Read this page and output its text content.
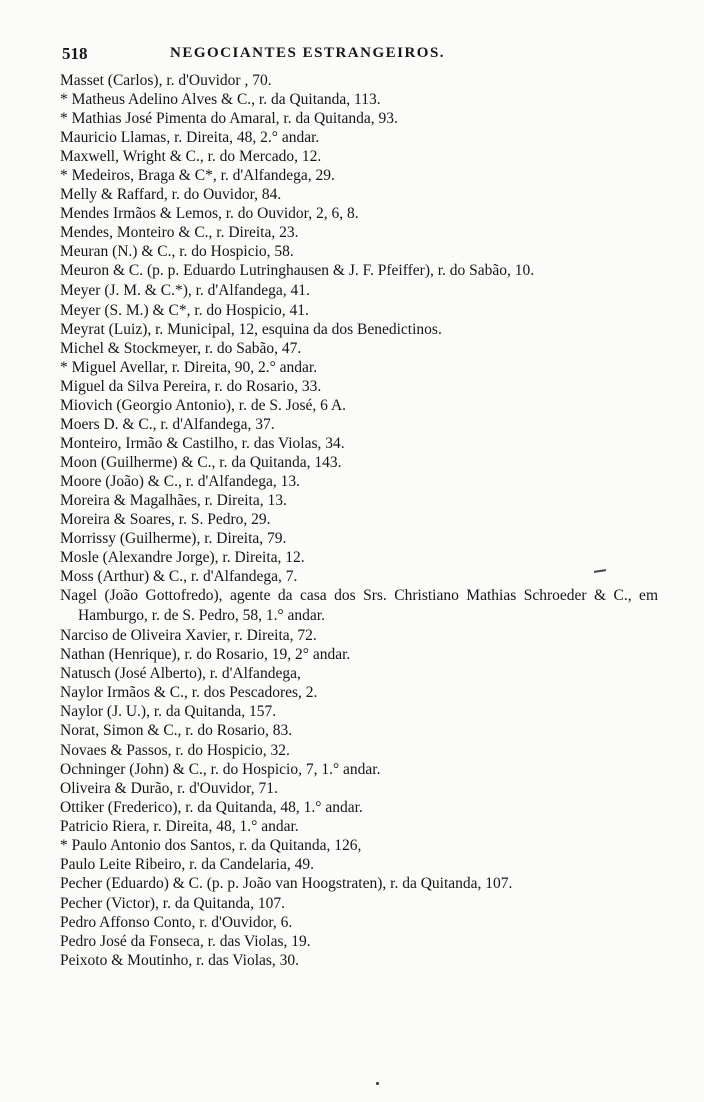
518	NEGOCIANTES ESTRANGEIROS.
Masset (Carlos), r. d'Ouvidor , 70.
* Matheus Adelino Alves & C., r. da Quitanda, 113.
* Mathias José Pimenta do Amaral, r. da Quitanda, 93.
Mauricio Llamas, r. Direita, 48, 2.° andar.
Maxwell, Wright & C., r. do Mercado, 12.
* Medeiros, Braga & C*, r. d'Alfandega, 29.
Melly & Raffard, r. do Ouvidor, 84.
Mendes Irmãos & Lemos, r. do Ouvidor, 2, 6, 8.
Mendes, Monteiro & C., r. Direita, 23.
Meuran (N.) & C., r. do Hospicio, 58.
Meuron & C. (p. p. Eduardo Lutringhausen & J. F. Pfeiffer), r. do Sabão, 10.
Meyer (J. M. & C.*), r. d'Alfandega, 41.
Meyer (S. M.) & C*, r. do Hospicio, 41.
Meyrat (Luiz), r. Municipal, 12, esquina da dos Benedictinos.
Michel & Stockmeyer, r. do Sabão, 47.
* Miguel Avellar, r. Direita, 90, 2.° andar.
Miguel da Silva Pereira, r. do Rosario, 33.
Miovich (Georgio Antonio), r. de S. José, 6 A.
Moers D. & C., r. d'Alfandega, 37.
Monteiro, Irmão & Castilho, r. das Violas, 34.
Moon (Guilherme) & C., r. da Quitanda, 143.
Moore (João) & C., r. d'Alfandega, 13.
Moreira & Magalhães, r. Direita, 13.
Moreira & Soares, r. S. Pedro, 29.
Morrissy (Guilherme), r. Direita, 79.
Mosle (Alexandre Jorge), r. Direita, 12.
Moss (Arthur) & C., r. d'Alfandega, 7.
Nagel (João Gottofredo), agente da casa dos Srs. Christiano Mathias Schroeder & C., em Hamburgo, r. de S. Pedro, 58, 1.° andar.
Narciso de Oliveira Xavier, r. Direita, 72.
Nathan (Henrique), r. do Rosario, 19, 2° andar.
Natusch (José Alberto), r. d'Alfandega,
Naylor Irmãos & C., r. dos Pescadores, 2.
Naylor (J. U.), r. da Quitanda, 157.
Norat, Simon & C., r. do Rosario, 83.
Novaes & Passos, r. do Hospicio, 32.
Ochninger (John) & C., r. do Hospicio, 7, 1.° andar.
Oliveira & Durão, r. d'Ouvidor, 71.
Ottiker (Frederico), r. da Quitanda, 48, 1.° andar.
Patricio Riera, r. Direita, 48, 1.° andar.
* Paulo Antonio dos Santos, r. da Quitanda, 126,
Paulo Leite Ribeiro, r. da Candelaria, 49.
Pecher (Eduardo) & C. (p. p. João van Hoogstraten), r. da Quitanda, 107.
Pecher (Victor), r. da Quitanda, 107.
Pedro Affonso Conto, r. d'Ouvidor, 6.
Pedro José da Fonseca, r. das Violas, 19.
Peixoto & Moutinho, r. das Violas, 30.
